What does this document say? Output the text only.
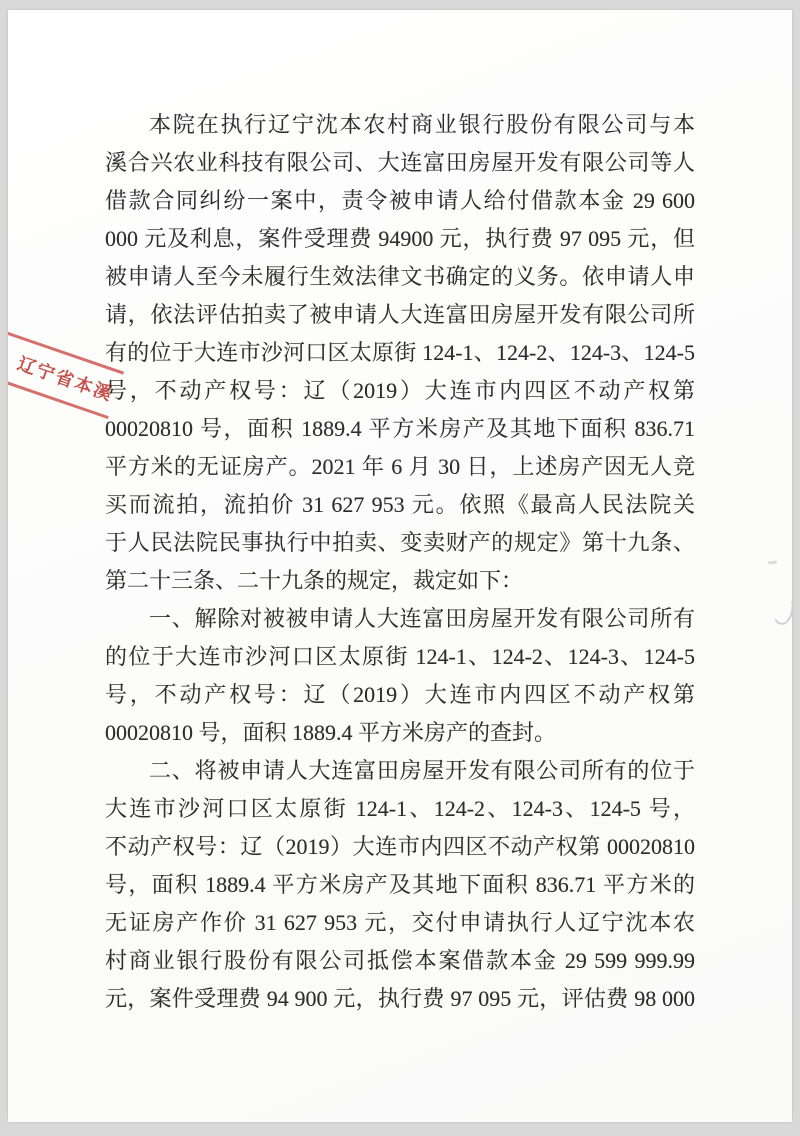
辽宁省本溪
本院在执行辽宁沈本农村商业银行股份有限公司与本
溪合兴农业科技有限公司、大连富田房屋开发有限公司等人
借款合同纠纷一案中，责令被申请人给付借款本金 29 600
000 元及利息，案件受理费 94900 元，执行费 97 095 元，但
被申请人至今未履行生效法律文书确定的义务。依申请人申
请，依法评估拍卖了被申请人大连富田房屋开发有限公司所
有的位于大连市沙河口区太原街 124-1、124-2、124-3、124-5
号，不动产权号：辽（2019）大连市内四区不动产权第
00020810 号，面积 1889.4 平方米房产及其地下面积 836.71
平方米的无证房产。2021 年 6 月 30 日，上述房产因无人竞
买而流拍，流拍价 31 627 953 元。依照《最高人民法院关
于人民法院民事执行中拍卖、变卖财产的规定》第十九条、
第二十三条、二十九条的规定，裁定如下：
一、解除对被被申请人大连富田房屋开发有限公司所有
的位于大连市沙河口区太原街 124-1、124-2、124-3、124-5
号，不动产权号：辽（2019）大连市内四区不动产权第
00020810 号，面积 1889.4 平方米房产的查封。
二、将被申请人大连富田房屋开发有限公司所有的位于
大连市沙河口区太原街 124-1、124-2、124-3、124-5 号，
不动产权号：辽（2019）大连市内四区不动产权第 00020810
号，面积 1889.4 平方米房产及其地下面积 836.71 平方米的
无证房产作价 31 627 953 元，交付申请执行人辽宁沈本农
村商业银行股份有限公司抵偿本案借款本金 29 599 999.99
元，案件受理费 94 900 元，执行费 97 095 元，评估费 98 000
